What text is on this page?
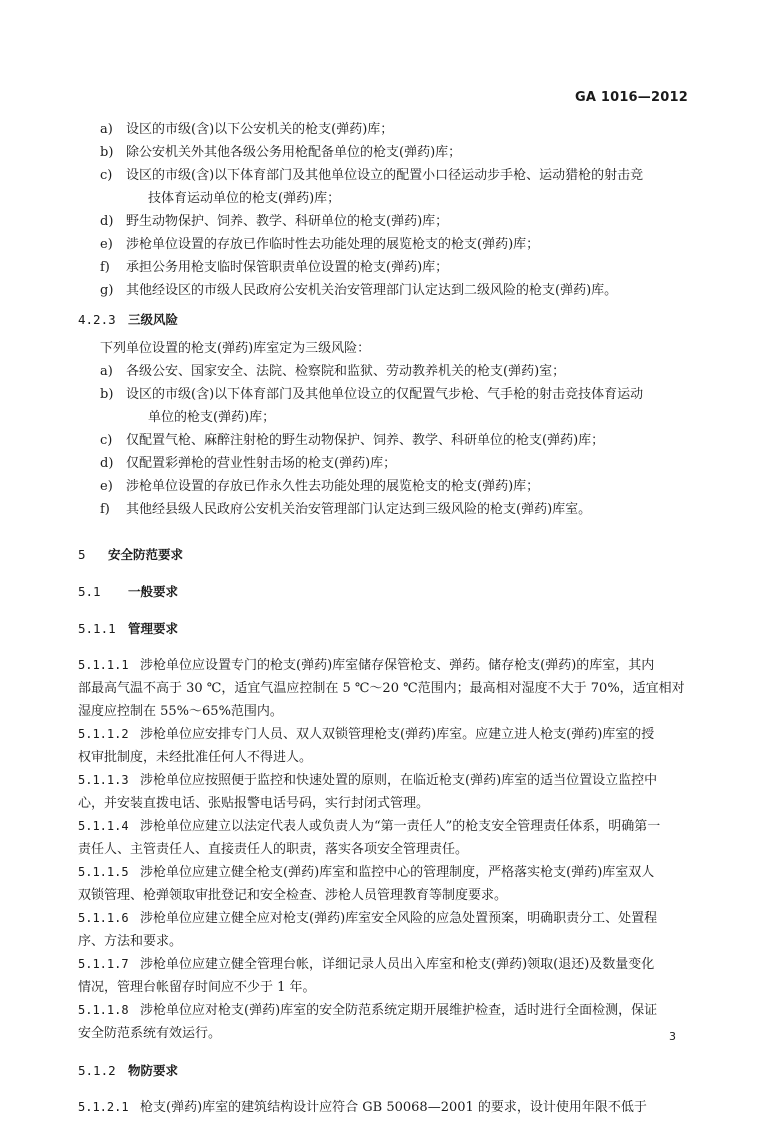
GA 1016—2012
a) 设区的市级(含)以下公安机关的枪支(弹药)库；
b) 除公安机关外其他各级公务用枪配备单位的枪支(弹药)库；
c) 设区的市级(含)以下体育部门及其他单位设立的配置小口径运动步手枪、运动猎枪的射击竞
技体育运动单位的枪支(弹药)库；
d) 野生动物保护、饲养、教学、科研单位的枪支(弹药)库；
e) 涉枪单位设置的存放已作临时性去功能处理的展览枪支的枪支(弹药)库；
f) 承担公务用枪支临时保管职责单位设置的枪支(弹药)库；
g) 其他经设区的市级人民政府公安机关治安管理部门认定达到二级风险的枪支(弹药)库。
4.2.3 三级风险
下列单位设置的枪支(弹药)库室定为三级风险：
a) 各级公安、国家安全、法院、检察院和监狱、劳动教养机关的枪支(弹药)室；
b) 设区的市级(含)以下体育部门及其他单位设立的仅配置气步枪、气手枪的射击竞技体育运动
单位的枪支(弹药)库；
c) 仅配置气枪、麻醉注射枪的野生动物保护、饲养、教学、科研单位的枪支(弹药)库；
d) 仅配置彩弹枪的营业性射击场的枪支(弹药)库；
e) 涉枪单位设置的存放已作永久性去功能处理的展览枪支的枪支(弹药)库；
f) 其他经县级人民政府公安机关治安管理部门认定达到三级风险的枪支(弹药)库室。
5 安全防范要求
5.1 一般要求
5.1.1 管理要求
5.1.1.1 涉枪单位应设置专门的枪支(弹药)库室储存保管枪支、弹药。储存枪支(弹药)的库室，其内
部最高气温不高于 30 ℃，适宜气温应控制在 5 ℃～20 ℃范围内；最高相对湿度不大于 70%，适宜相对
湿度应控制在 55%～65%范围内。
5.1.1.2 涉枪单位应安排专门人员、双人双锁管理枪支(弹药)库室。应建立进人枪支(弹药)库室的授
权审批制度，未经批准任何人不得进人。
5.1.1.3 涉枪单位应按照便于监控和快速处置的原则，在临近枪支(弹药)库室的适当位置设立监控中
心，并安装直拨电话、张贴报警电话号码，实行封闭式管理。
5.1.1.4 涉枪单位应建立以法定代表人或负责人为“第一责任人”的枪支安全管理责任体系，明确第一
责任人、主管责任人、直接责任人的职责，落实各项安全管理责任。
5.1.1.5 涉枪单位应建立健全枪支(弹药)库室和监控中心的管理制度，严格落实枪支(弹药)库室双人
双锁管理、枪弹领取审批登记和安全检查、涉枪人员管理教育等制度要求。
5.1.1.6 涉枪单位应建立健全应对枪支(弹药)库室安全风险的应急处置预案，明确职责分工、处置程
序、方法和要求。
5.1.1.7 涉枪单位应建立健全管理台帐，详细记录人员出入库室和枪支(弹药)领取(退还)及数量变化
情况，管理台帐留存时间应不少于 1 年。
5.1.1.8 涉枪单位应对枪支(弹药)库室的安全防范系统定期开展维护检查，适时进行全面检测，保证
安全防范系统有效运行。
5.1.2 物防要求
5.1.2.1 枪支(弹药)库室的建筑结构设计应符合 GB 50068—2001 的要求，设计使用年限不低于
3
